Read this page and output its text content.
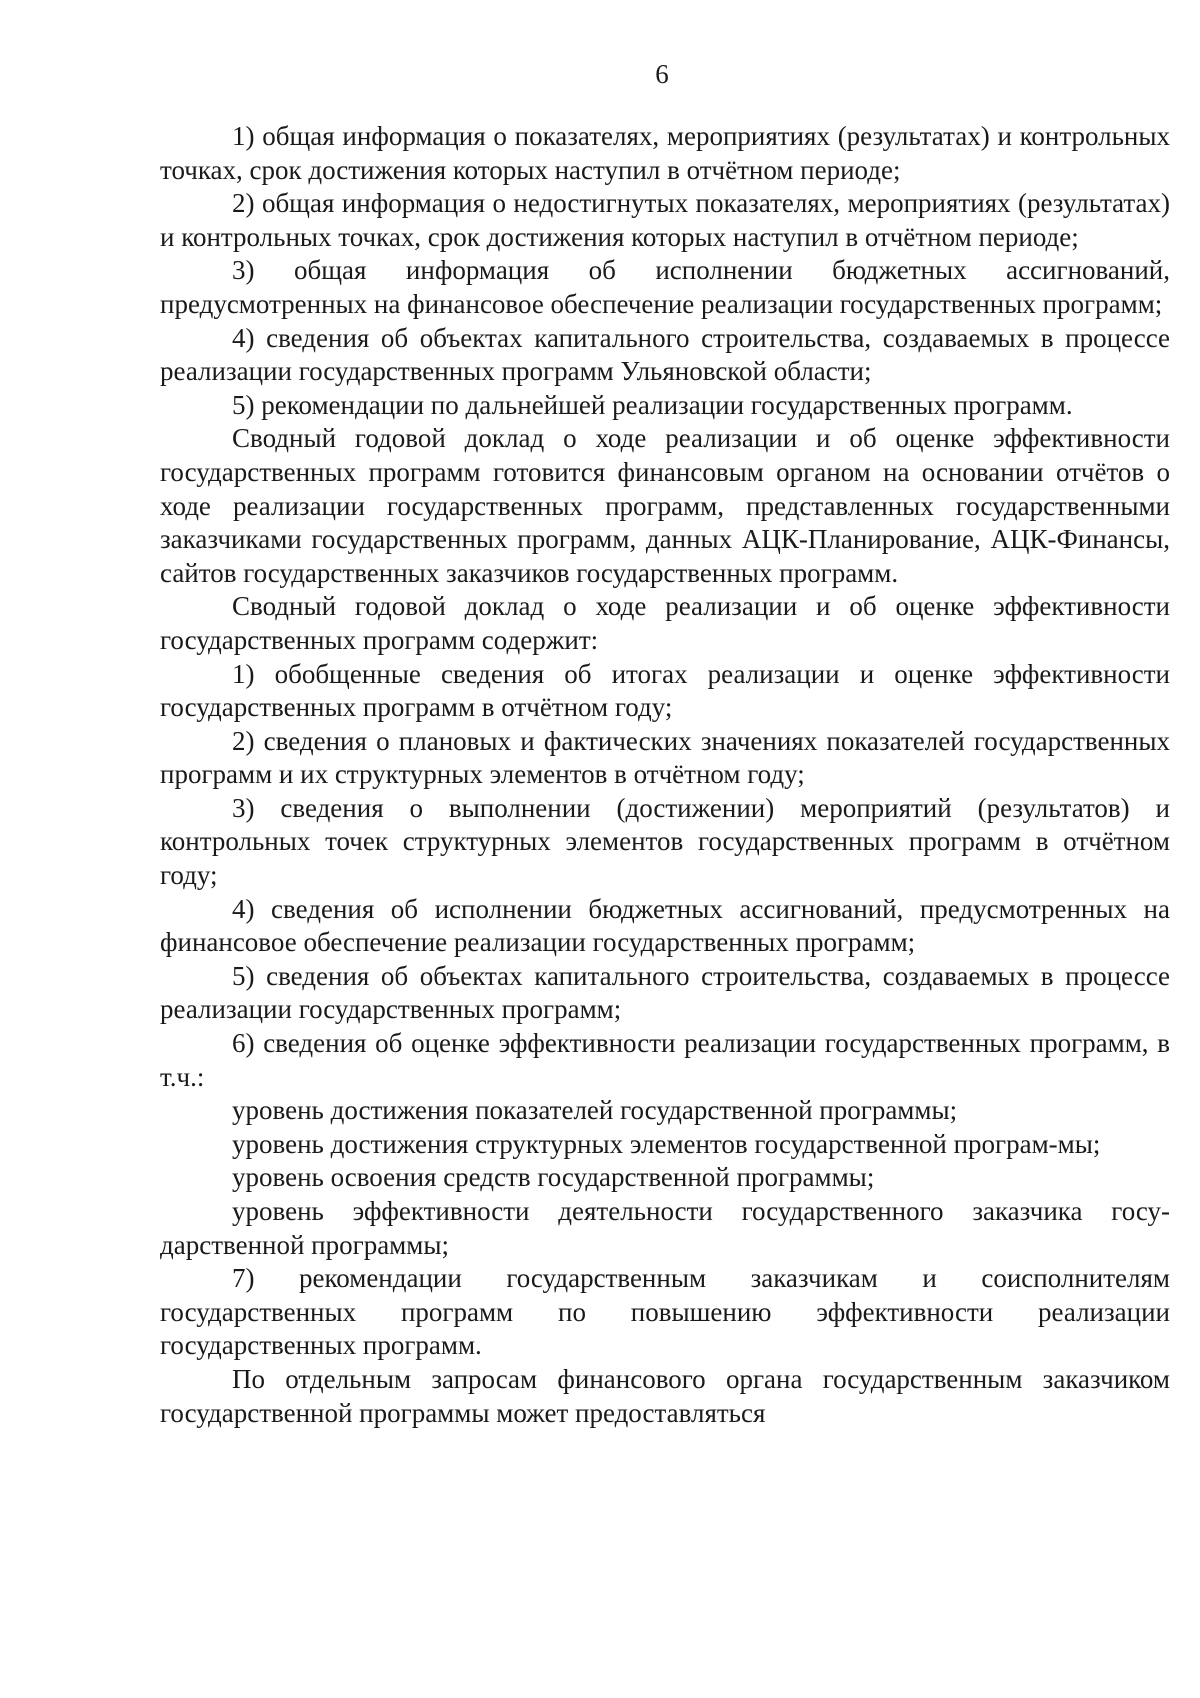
6

1) общая информация о показателях, мероприятиях (результатах) и контрольных точках, срок достижения которых наступил в отчётном периоде;

2) общая информация о недостигнутых показателях, мероприятиях (результатах) и контрольных точках, срок достижения которых наступил в отчётном периоде;

3) общая информация об исполнении бюджетных ассигнований, предусмотренных на финансовое обеспечение реализации государственных программ;

4) сведения об объектах капитального строительства, создаваемых в процессе реализации государственных программ Ульяновской области;

5) рекомендации по дальнейшей реализации государственных программ.

Сводный годовой доклад о ходе реализации и об оценке эффективности государственных программ готовится финансовым органом на основании отчётов о ходе реализации государственных программ, представленных государственными заказчиками государственных программ, данных АЦК-Планирование, АЦК-Финансы, сайтов государственных заказчиков государственных программ.

Сводный годовой доклад о ходе реализации и об оценке эффективности государственных программ содержит:

1) обобщенные сведения об итогах реализации и оценке эффективности государственных программ в отчётном году;

2) сведения о плановых и фактических значениях показателей государственных программ и их структурных элементов в отчётном году;

3) сведения о выполнении (достижении) мероприятий (результатов) и контрольных точек структурных элементов государственных программ в отчётном году;

4) сведения об исполнении бюджетных ассигнований, предусмотренных на финансовое обеспечение реализации государственных программ;

5) сведения об объектах капитального строительства, создаваемых в процессе реализации государственных программ;

6) сведения об оценке эффективности реализации государственных программ, в т.ч.:

уровень достижения показателей государственной программы;

уровень достижения структурных элементов государственной програм-мы;

уровень освоения средств государственной программы;

уровень эффективности деятельности государственного заказчика госу-дарственной программы;

7) рекомендации государственным заказчикам и соисполнителям государственных программ по повышению эффективности реализации государственных программ.

По отдельным запросам финансового органа государственным заказчиком государственной программы может предоставляться
